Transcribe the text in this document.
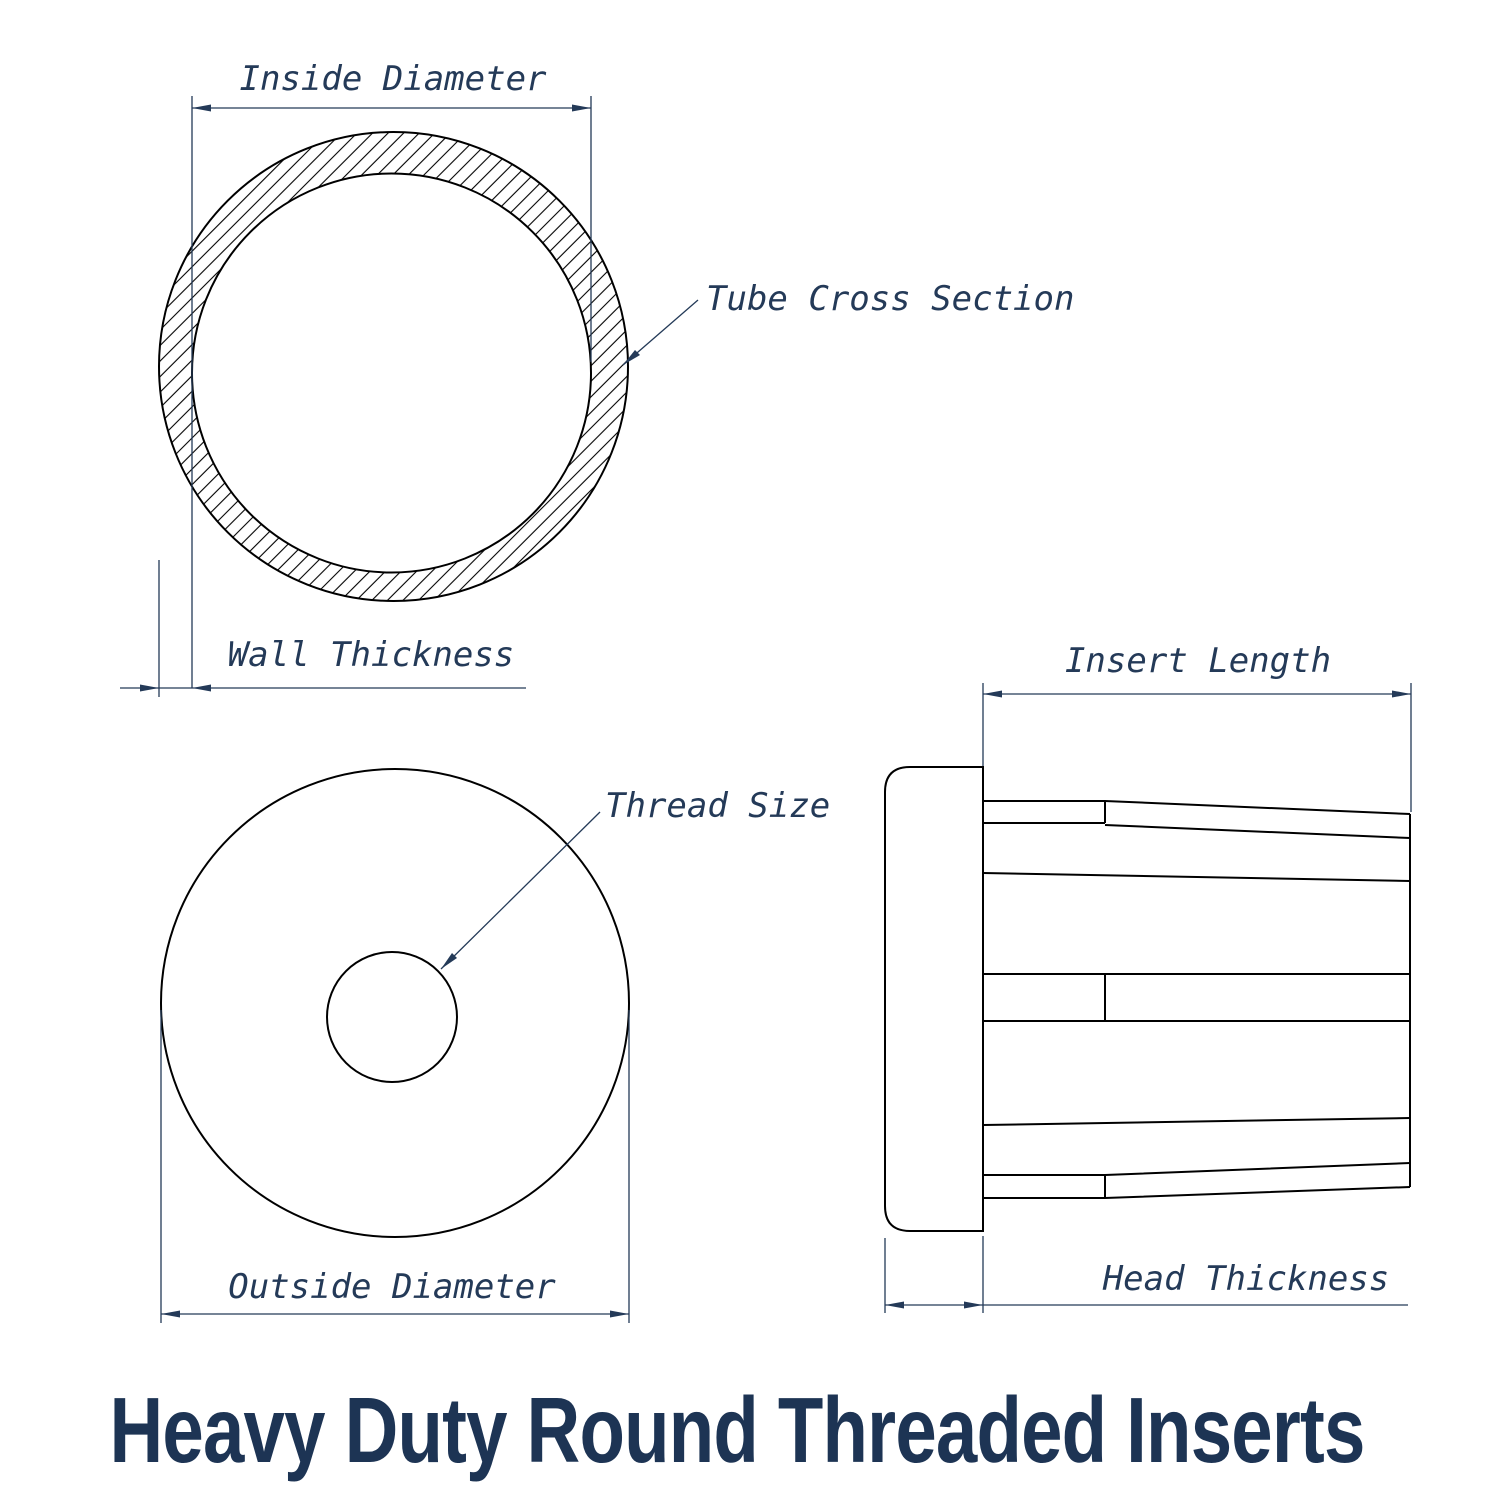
Inside Diameter
Tube Cross Section
Wall Thickness
Thread Size
Insert Length
Outside Diameter	Head Thickness
Heavy Duty Round Threaded Inserts
